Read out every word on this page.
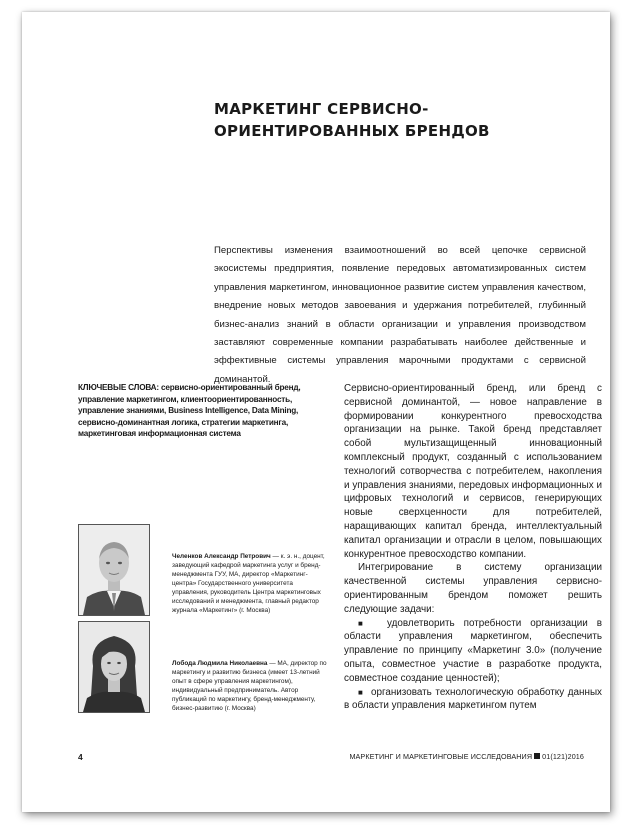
МАРКЕТИНГ СЕРВИСНО-ОРИЕНТИРОВАННЫХ БРЕНДОВ

Перспективы изменения взаимоотношений во всей цепочке сервисной экосистемы предприятия, появление передовых автоматизированных систем управления маркетингом, инновационное развитие систем управления качеством, внедрение новых методов завоевания и удержания потребителей, глубинный бизнес-анализ знаний в области организации и управления производством заставляют современные компании разрабатывать наиболее действенные и эффективные системы управления марочными продуктами с сервисной доминантой.

КЛЮЧЕВЫЕ СЛОВА: сервисно-ориентированный бренд, управление маркетингом, клиентоориентированность, управление знаниями, Business Intelligence, Data Mining, сервисно-доминантная логика, стратегии маркетинга, маркетинговая информационная система

Сервисно-ориентированный бренд, или бренд с сервисной доминантой, — новое направление в формировании конкурентного превосходства организации на рынке. Такой бренд представляет собой мультизащищенный инновационный комплексный продукт, созданный с использованием технологий сотворчества с потребителем, накопления и управления знаниями, передовых информационных и цифровых технологий и сервисов, генерирующих новые сверхценности для потребителей, наращивающих капитал бренда, интеллектуальный капитал организации и отрасли в целом, повышающих конкурентное превосходство компании.

Интегрирование в систему организации качественной системы управления сервисно-ориентированным брендом поможет решить следующие задачи:

■ удовлетворить потребности организации в области управления маркетингом, обеспечить управление по принципу «Маркетинг 3.0» (получение опыта, совместное участие в разработке продукта, совместное создание ценностей);

■ организовать технологическую обработку данных в области управления маркетингом путем

Челенков Александр Петрович — к. э. н., доцент, заведующий кафедрой маркетинга услуг и бренд-менеджмента ГУУ, МА, директор «Маркетинг-центра» Государственного университета управления, руководитель Центра маркетинговых исследований и менеджмента, главный редактор журнала «Маркетинг» (г. Москва)

Лобода Людмила Николаевна — МА, директор по маркетингу и развитию бизнеса (имеет 13-летний опыт в сфере управления маркетингом), индивидуальный предприниматель. Автор публикаций по маркетингу, бренд-менеджменту, бизнес-развитию (г. Москва)

4	МАРКЕТИНГ И МАРКЕТИНГОВЫЕ ИССЛЕДОВАНИЯ 01(121)2016
